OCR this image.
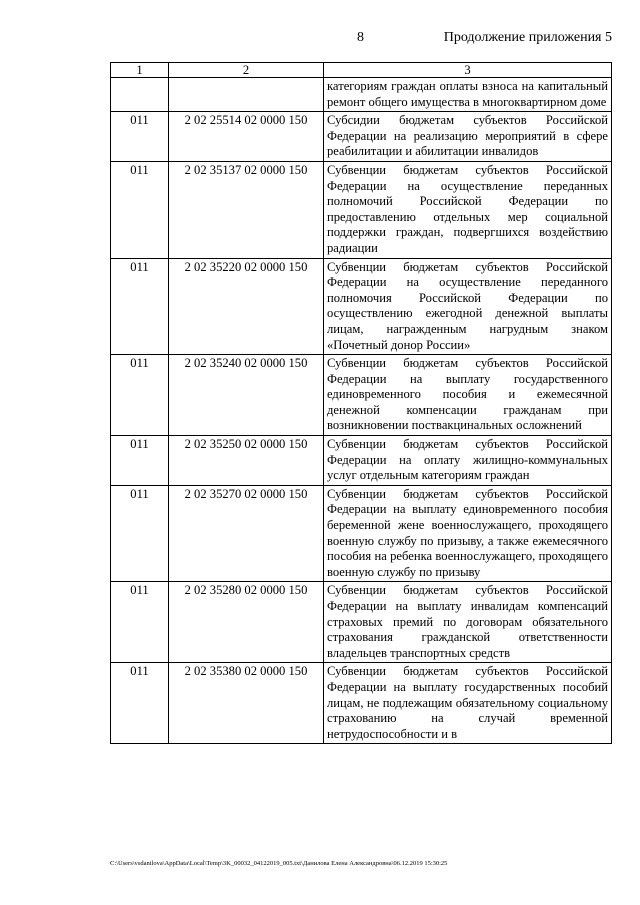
8	Продолжение приложения 5
1	2	3
		категориям граждан оплаты взноса на капитальный ремонт общего имущества в многоквартирном доме
011	2 02 25514 02 0000 150	Субсидии бюджетам субъектов Российской Федерации на реализацию мероприятий в сфере реабилитации и абилитации инвалидов
011	2 02 35137 02 0000 150	Субвенции бюджетам субъектов Российской Федерации на осуществление переданных полномочий Российской Федерации по предоставлению отдельных мер социальной поддержки граждан, подвергшихся воздействию радиации
011	2 02 35220 02 0000 150	Субвенции бюджетам субъектов Российской Федерации на осуществление переданного полномочия Российской Федерации по осуществлению ежегодной денежной выплаты лицам, награжденным нагрудным знаком «Почетный донор России»
011	2 02 35240 02 0000 150	Субвенции бюджетам субъектов Российской Федерации на выплату государственного единовременного пособия и ежемесячной денежной компенсации гражданам при возникновении поствакцинальных осложнений
011	2 02 35250 02 0000 150	Субвенции бюджетам субъектов Российской Федерации на оплату жилищно-коммунальных услуг отдельным категориям граждан
011	2 02 35270 02 0000 150	Субвенции бюджетам субъектов Российской Федерации на выплату единовременного пособия беременной жене военнослужащего, проходящего военную службу по призыву, а также ежемесячного пособия на ребенка военнослужащего, проходящего военную службу по призыву
011	2 02 35280 02 0000 150	Субвенции бюджетам субъектов Российской Федерации на выплату инвалидам компенсаций страховых премий по договорам обязательного страхования гражданской ответственности владельцев транспортных средств
011	2 02 35380 02 0000 150	Субвенции бюджетам субъектов Российской Федерации на выплату государственных пособий лицам, не подлежащим обязательному социальному страхованию на случай временной нетрудоспособности и в
C:\Users\vsdanilova\AppData\Local\Temp\3K_00032_04122019_005.txt\Данилова Елена Александровна\06.12.2019 15:30:25
